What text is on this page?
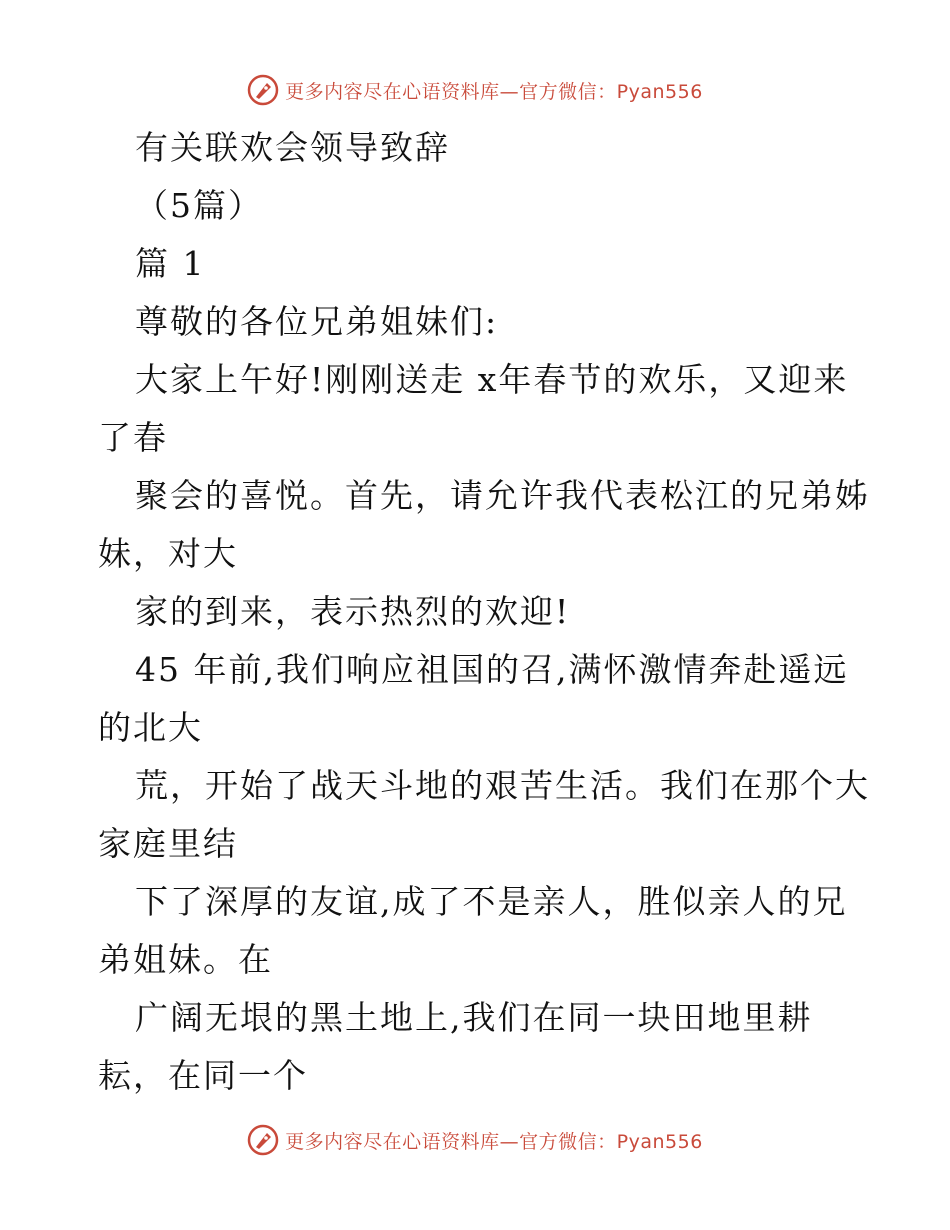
更多内容尽在心语资料库—官方微信：Pyan556
有关联欢会领导致辞
（5篇）
篇 1
尊敬的各位兄弟姐妹们:
大家上午好!刚刚送走 x年春节的欢乐，又迎来
了春
聚会的喜悦。首先，请允许我代表松江的兄弟姊
妹，对大
家的到来，表示热烈的欢迎!
45 年前,我们响应祖国的召,满怀激情奔赴遥远
的北大
荒，开始了战天斗地的艰苦生活。我们在那个大
家庭里结
下了深厚的友谊,成了不是亲人，胜似亲人的兄
弟姐妹。在
广阔无垠的黑土地上,我们在同一块田地里耕
耘，在同一个
更多内容尽在心语资料库—官方微信：Pyan556
